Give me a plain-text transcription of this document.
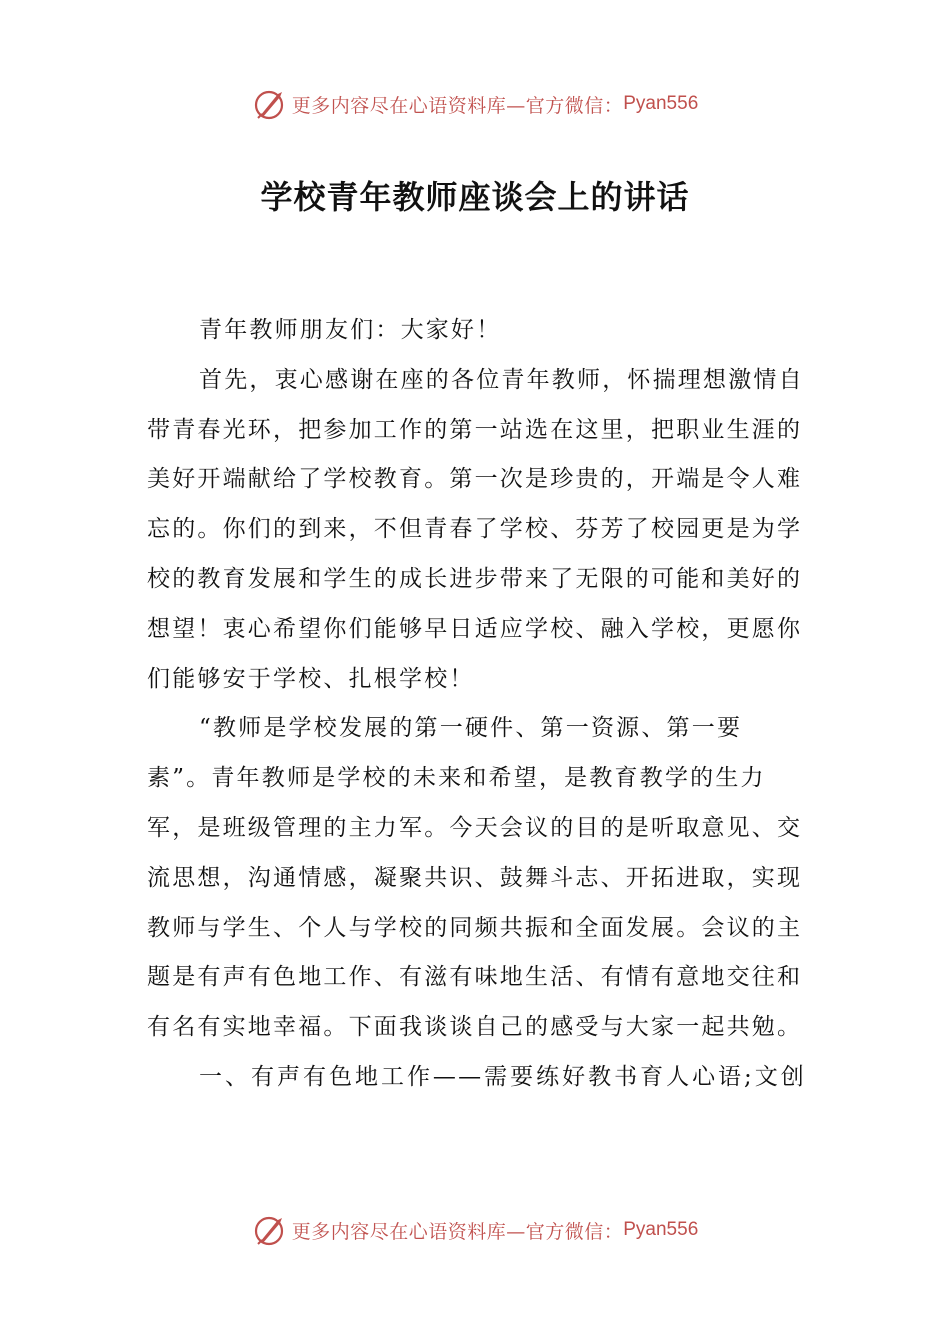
更多内容尽在心语资料库—官方微信： Pyan556
学校青年教师座谈会上的讲话

青年教师朋友们：大家好！

首先，衷心感谢在座的各位青年教师，怀揣理想激情自带青春光环，把参加工作的第一站选在这里，把职业生涯的美好开端献给了学校教育。第一次是珍贵的，开端是令人难忘的。你们的到来，不但青春了学校、芬芳了校园更是为学校的教育发展和学生的成长进步带来了无限的可能和美好的想望！衷心希望你们能够早日适应学校、融入学校，更愿你们能够安于学校、扎根学校！

“教师是学校发展的第一硬件、第一资源、第一要素”。青年教师是学校的未来和希望，是教育教学的生力军，是班级管理的主力军。今天会议的目的是听取意见、交流思想，沟通情感，凝聚共识、鼓舞斗志、开拓进取，实现教师与学生、个人与学校的同频共振和全面发展。会议的主题是有声有色地工作、有滋有味地生活、有情有意地交往和有名有实地幸福。下面我谈谈自己的感受与大家一起共勉。

一、有声有色地工作——需要练好教书育人心语;文创

更多内容尽在心语资料库—官方微信： Pyan556
